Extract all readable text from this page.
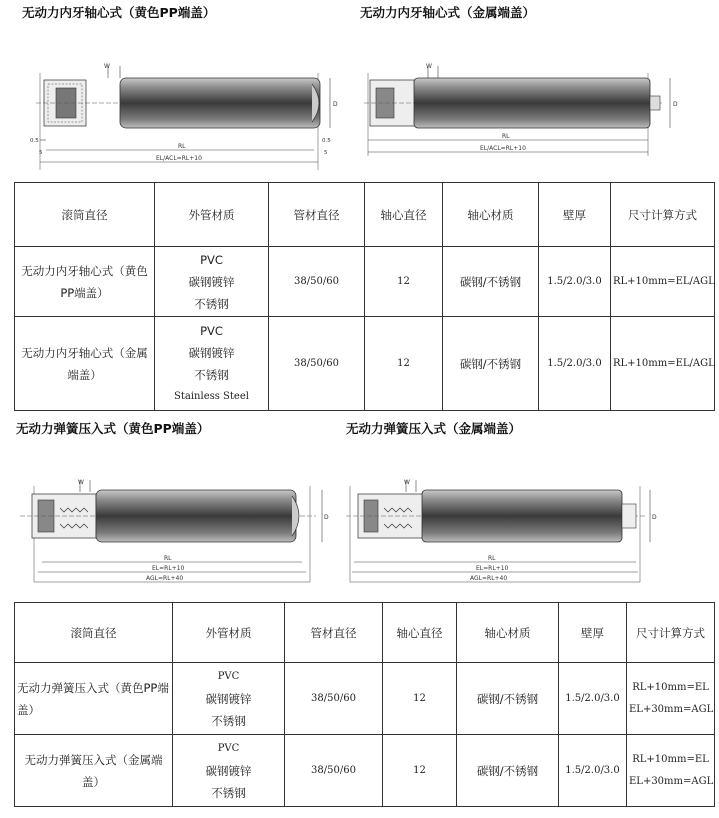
无动力内牙轴心式（黄色PP端盖）	无动力内牙轴心式（金属端盖）
W
D
0.5
5
0.5
5
RL
EL/ACL=RL+10
W
D
RL
EL/ACL=RL+10
滚筒直径	外管材质	管材直径	轴心直径	轴心材质	壁厚	尺寸计算方式
无动力内牙轴心式（黄色PP端盖）	PVC
碳钢镀锌
不锈钢	38/50/60	12	碳钢/不锈钢	1.5/2.0/3.0	RL+10mm=EL/AGL
无动力内牙轴心式（金属端盖）	PVC
碳钢镀锌
不锈钢
Stainless Steel	38/50/60	12	碳钢/不锈钢	1.5/2.0/3.0	RL+10mm=EL/AGL
无动力弹簧压入式（黄色PP端盖）	无动力弹簧压入式（金属端盖）
W
D
RL
EL=RL+10
AGL=RL+40
W
D
RL
EL=RL+10
AGL=RL+40
滚筒直径	外管材质	管材直径	轴心直径	轴心材质	壁厚	尺寸计算方式
无动力弹簧压入式（黄色PP端盖）	PVC
碳钢镀锌
不锈钢	38/50/60	12	碳钢/不锈钢	1.5/2.0/3.0	RL+10mm=EL
EL+30mm=AGL

无动力弹簧压入式（金属端盖）	PVC
碳钢镀锌
不锈钢	38/50/60	12	碳钢/不锈钢	1.5/2.0/3.0	RL+10mm=EL
EL+30mm=AGL
